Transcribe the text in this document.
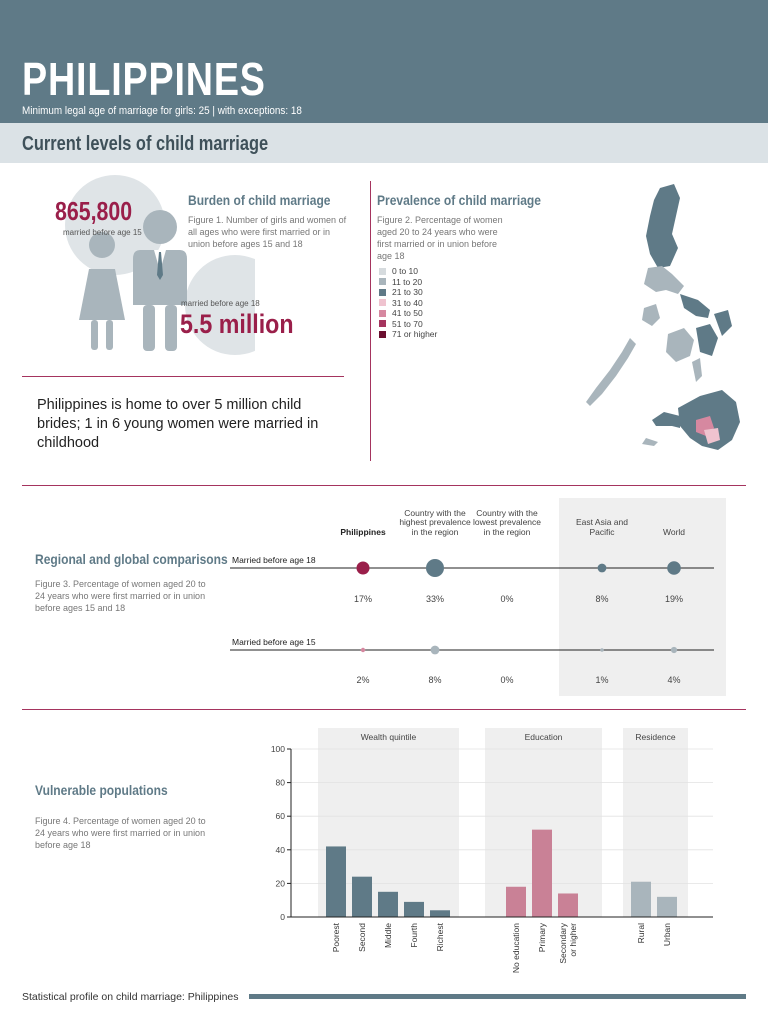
PHILIPPINES
Minimum legal age of marriage for girls: 25 | with exceptions: 18
Current levels of child marriage
865,800
married before age 15
Burden of child marriage
Figure 1. Number of girls and women of all ages who were first married or in union before ages 15 and 18
married before age 18
5.5 million
Philippines is home to over 5 million child brides; 1 in 6 young women were married in childhood
Prevalence of child marriage
Figure 2. Percentage of women aged 20 to 24 years who were first married or in union before age 18
0 to 10
11 to 20
21 to 30
31 to 40
41 to 50
51 to 70
71 or higher
Regional and global comparisons
Figure 3. Percentage of women aged 20 to 24 years who were first married or in union before ages 15 and 18
Philippines
Country with the highest prevalence in the region
Country with the lowest prevalence in the region
East Asia and Pacific	World
Married before age 18
17%	33%	0%	8%	19%
Married before age 15
2%	8%	0%	1%	4%
Vulnerable populations
Figure 4. Percentage of women aged 20 to 24 years who were first married or in union before age 18
Wealth quintile	Education	Residence
0
20
40
60
80
100
Poorest Second Middle Fourth Richest	No education Primary Secondary or higher	Rural Urban
Statistical profile on child marriage: Philippines
